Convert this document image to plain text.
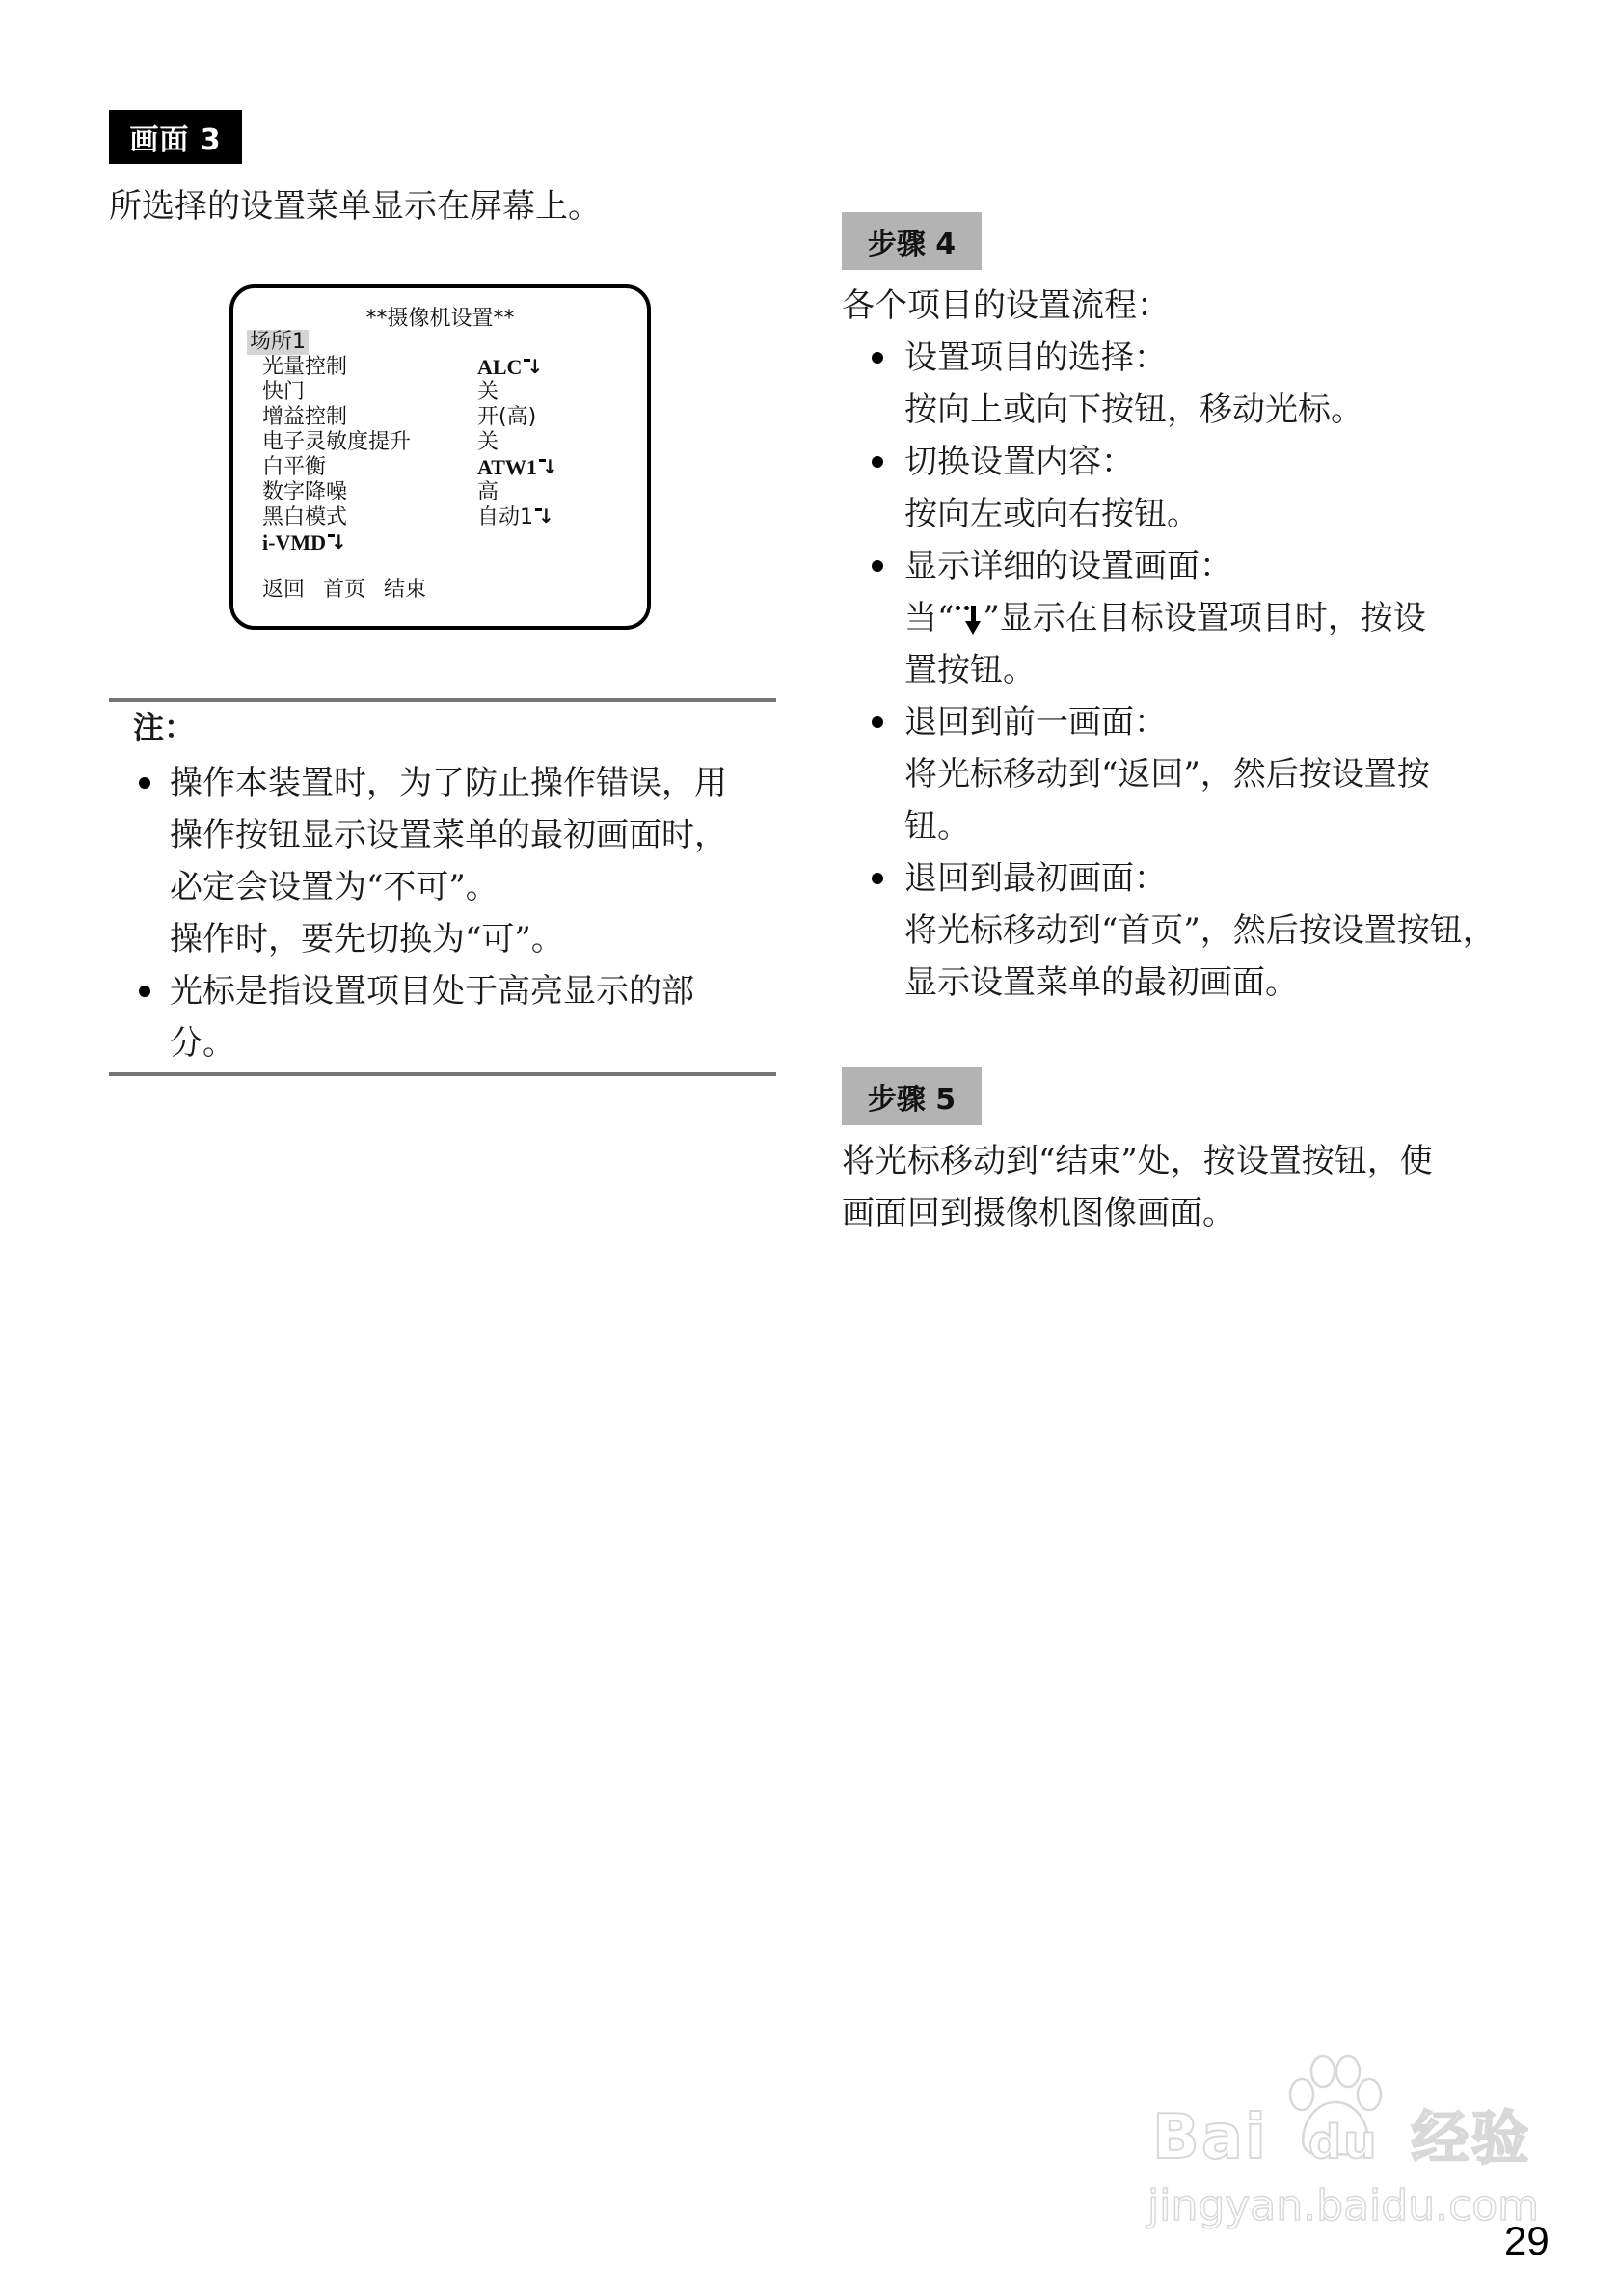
画面 3
所选择的设置菜单显示在屏幕上。
**摄像机设置**
场所1
光量控制	ALC↓
快门	关
增益控制	开(高)
电子灵敏度提升	关
白平衡	ATW1↓
数字降噪	高
黑白模式	自动1↓
i-VMD↓
返回 首页 结束
注：
操作本装置时，为了防止操作错误，用
操作按钮显示设置菜单的最初画面时，
必定会设置为“不可”。
操作时，要先切换为“可”。
光标是指设置项目处于高亮显示的部
分。
步骤 4
各个项目的设置流程：
设置项目的选择：
按向上或向下按钮，移动光标。
切换设置内容：
按向左或向右按钮。
显示详细的设置画面：
当“ ”显示在目标设置项目时，按设
置按钮。
退回到前一画面：
将光标移动到“返回”，然后按设置按
钮。
退回到最初画面：
将光标移动到“首页”，然后按设置按钮，
显示设置菜单的最初画面。
步骤 5
将光标移动到“结束”处，按设置按钮，使
画面回到摄像机图像画面。
Bai du 经验
jingyan.baidu.com
29
